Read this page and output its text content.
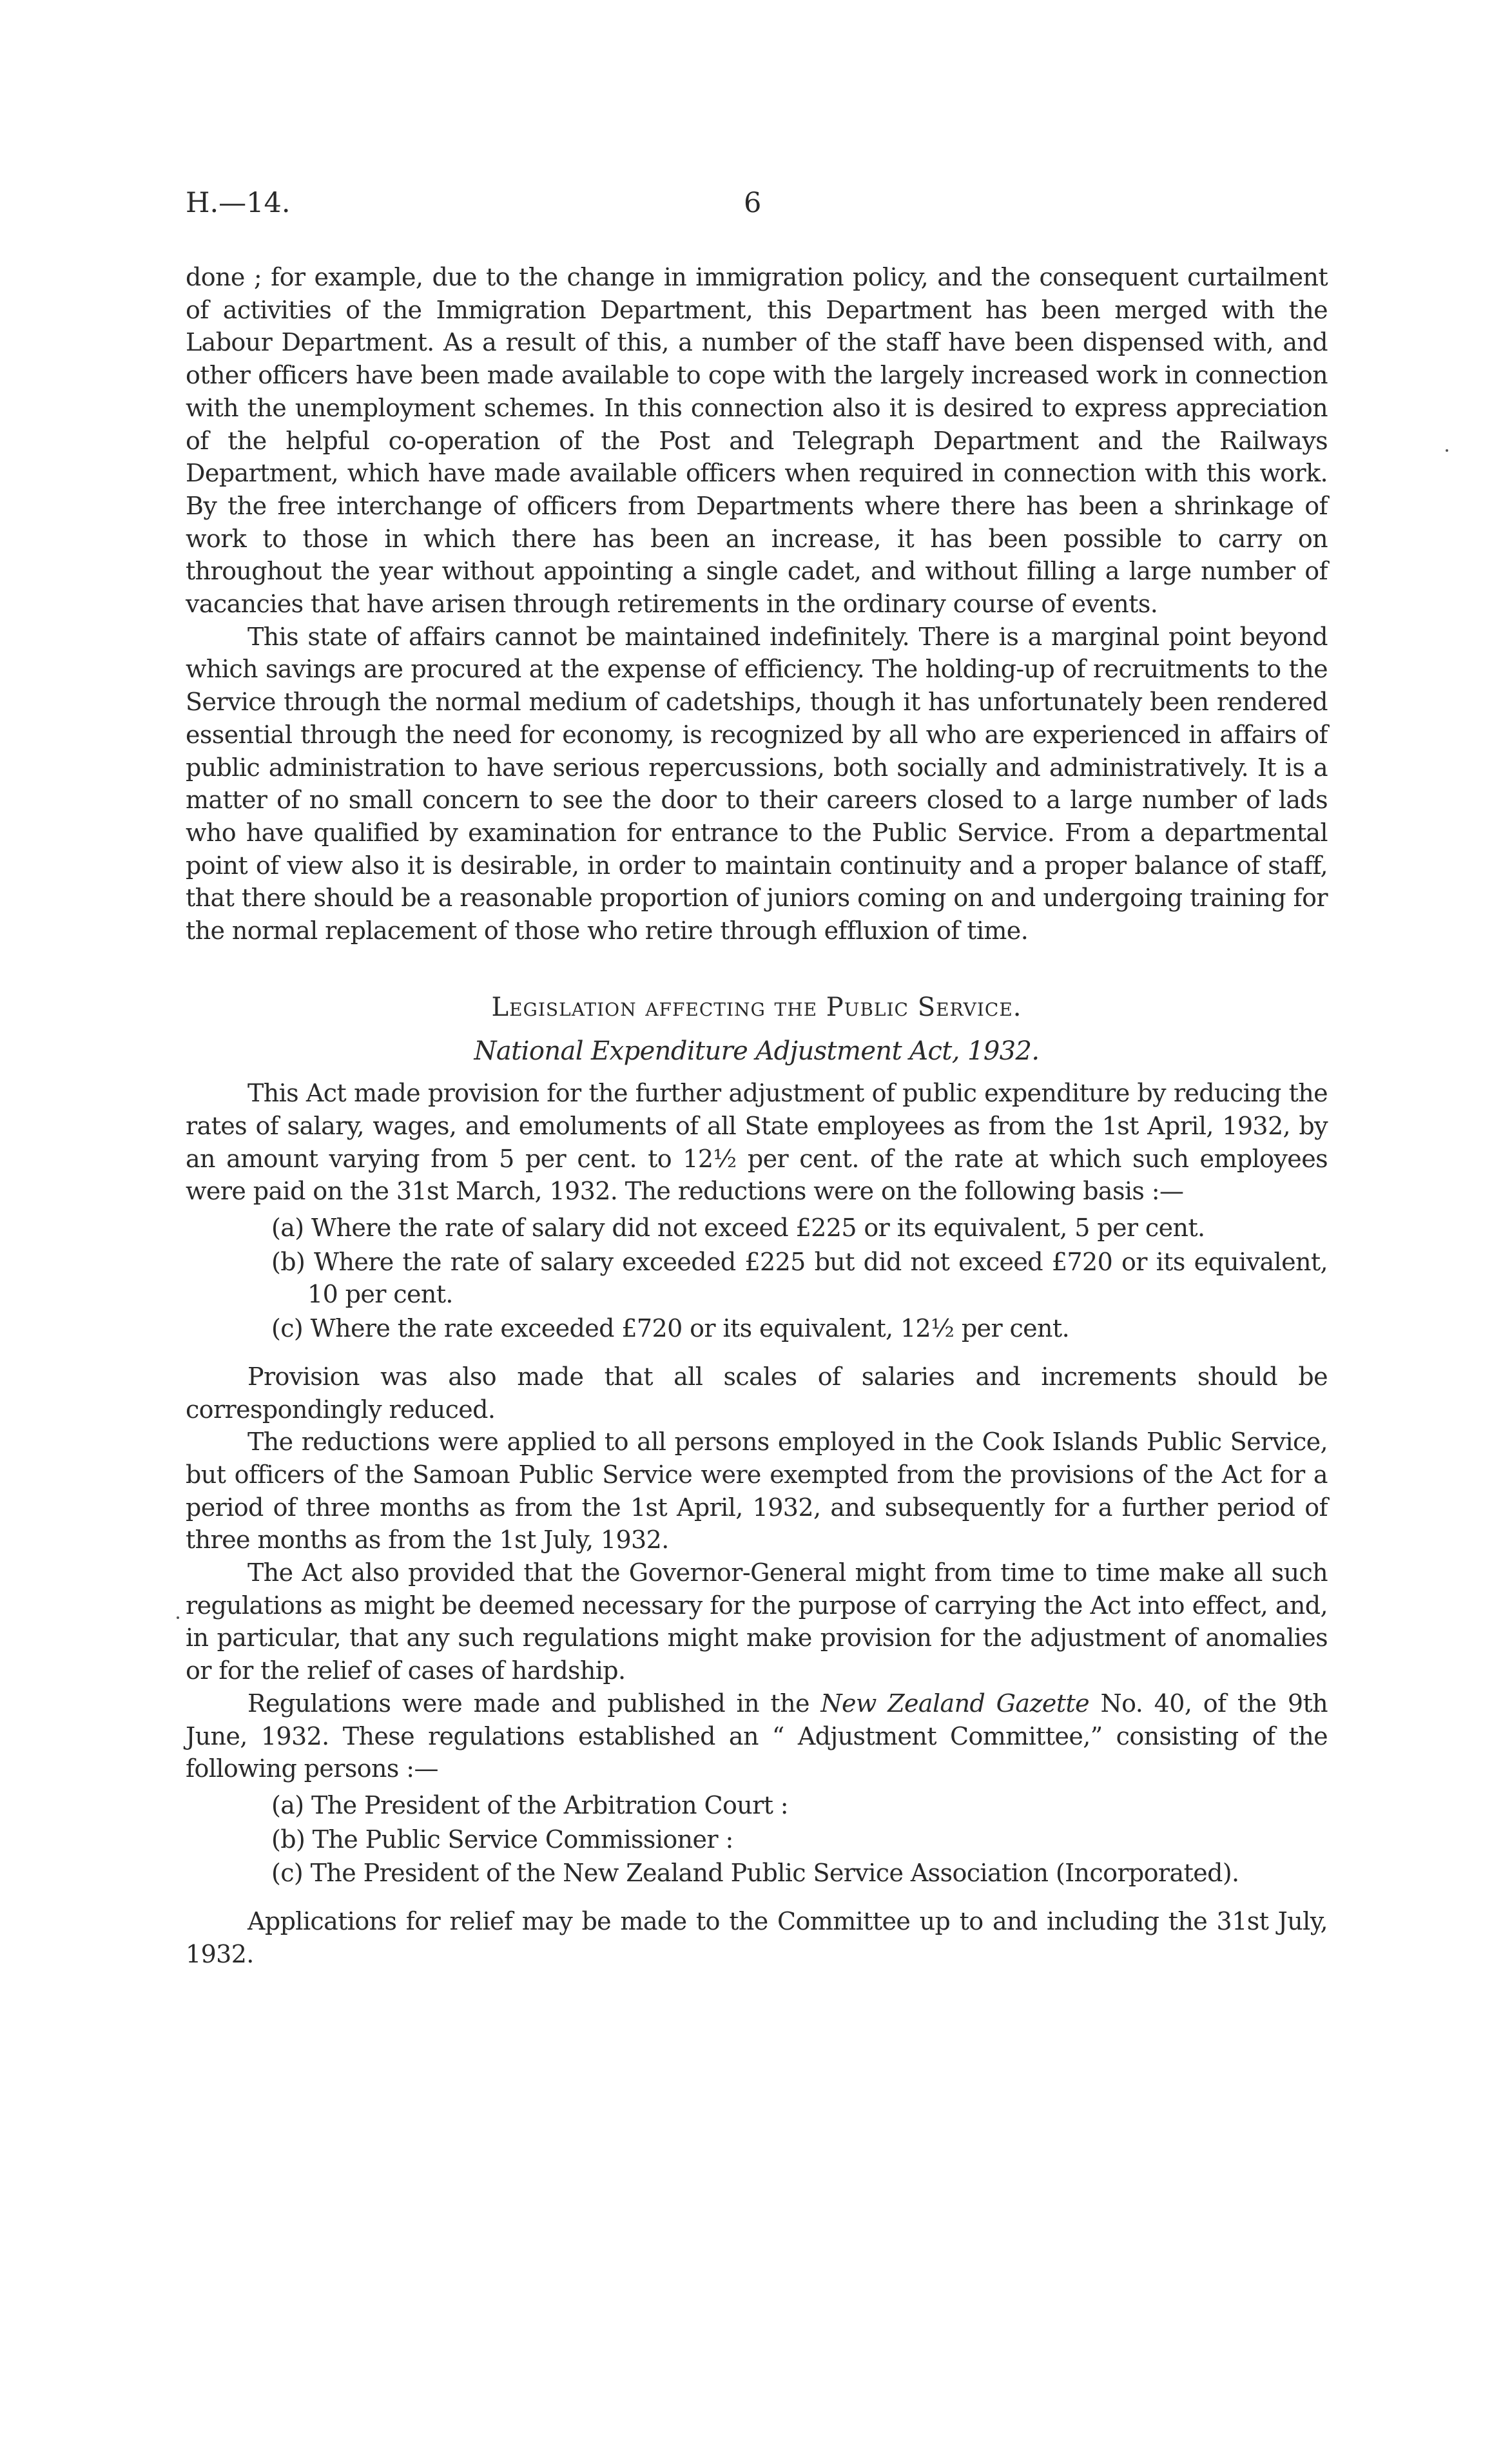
H.—14.	6

done ; for example, due to the change in immigration policy, and the consequent curtailment of activities of the Immigration Department, this Department has been merged with the Labour Department. As a result of this, a number of the staff have been dispensed with, and other officers have been made available to cope with the largely increased work in connection with the unemployment schemes. In this connection also it is desired to express appreciation of the helpful co-operation of the Post and Telegraph Department and the Railways Department, which have made available officers when required in connection with this work. By the free interchange of officers from Departments where there has been a shrinkage of work to those in which there has been an increase, it has been possible to carry on throughout the year without appointing a single cadet, and without filling a large number of vacancies that have arisen through retirements in the ordinary course of events.

This state of affairs cannot be maintained indefinitely. There is a marginal point beyond which savings are procured at the expense of efficiency. The holding-up of recruitments to the Service through the normal medium of cadetships, though it has unfortunately been rendered essential through the need for economy, is recognized by all who are experienced in affairs of public administration to have serious repercussions, both socially and administratively. It is a matter of no small concern to see the door to their careers closed to a large number of lads who have qualified by examination for entrance to the Public Service. From a departmental point of view also it is desirable, in order to maintain continuity and a proper balance of staff, that there should be a reasonable proportion of juniors coming on and undergoing training for the normal replacement of those who retire through effluxion of time.

Legislation affecting the Public Service.
National Expenditure Adjustment Act, 1932.

This Act made provision for the further adjustment of public expenditure by reducing the rates of salary, wages, and emoluments of all State employees as from the 1st April, 1932, by an amount varying from 5 per cent. to 12½ per cent. of the rate at which such employees were paid on the 31st March, 1932. The reductions were on the following basis :—

(a) Where the rate of salary did not exceed £225 or its equivalent, 5 per cent.
(b) Where the rate of salary exceeded £225 but did not exceed £720 or its equivalent, 10 per cent.
(c) Where the rate exceeded £720 or its equivalent, 12½ per cent.

Provision was also made that all scales of salaries and increments should be correspondingly reduced.

The reductions were applied to all persons employed in the Cook Islands Public Service, but officers of the Samoan Public Service were exempted from the provisions of the Act for a period of three months as from the 1st April, 1932, and subsequently for a further period of three months as from the 1st July, 1932.

The Act also provided that the Governor-General might from time to time make all such regulations as might be deemed necessary for the purpose of carrying the Act into effect, and, in particular, that any such regulations might make provision for the adjustment of anomalies or for the relief of cases of hardship.

Regulations were made and published in the New Zealand Gazette No. 40, of the 9th June, 1932. These regulations established an “ Adjustment Committee,” consisting of the following persons :—

(a) The President of the Arbitration Court :
(b) The Public Service Commissioner :
(c) The President of the New Zealand Public Service Association (Incorporated).

Applications for relief may be made to the Committee up to and including the 31st July, 1932.
